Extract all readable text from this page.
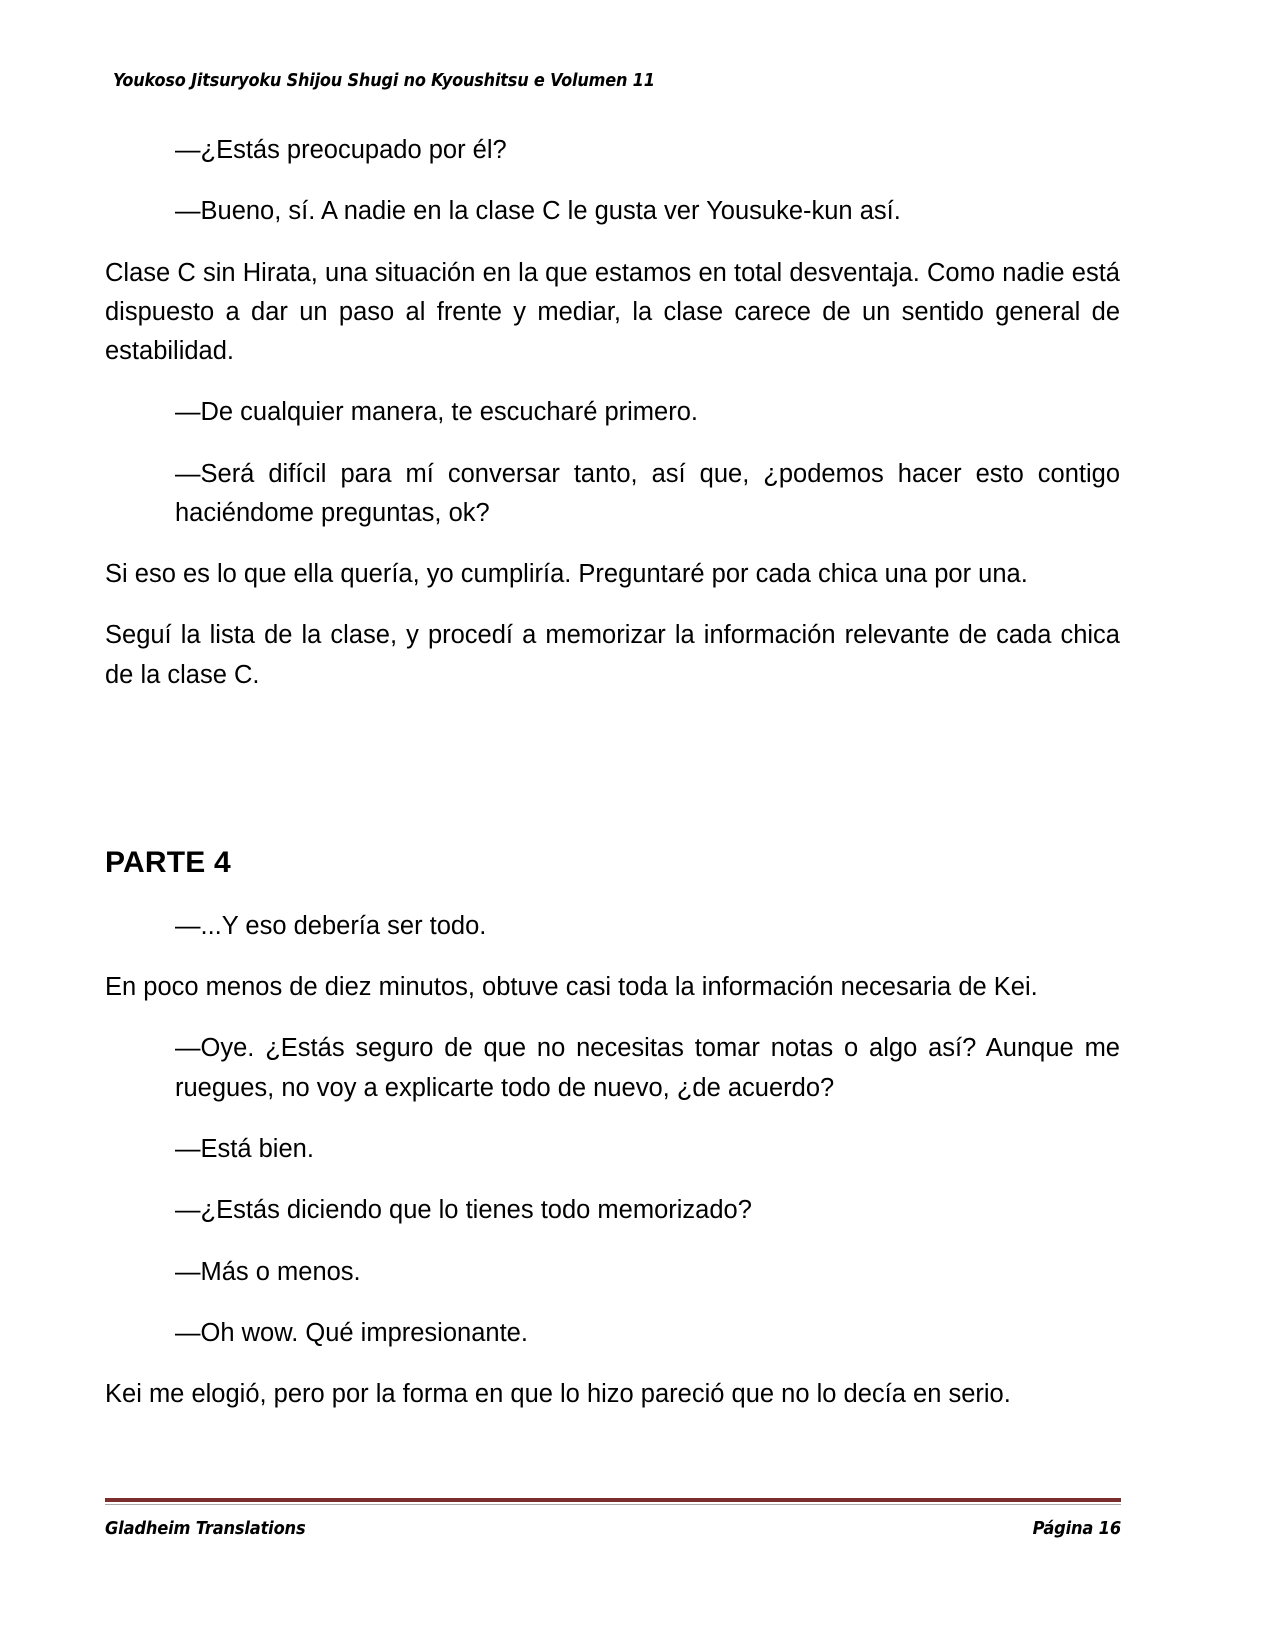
Youkoso Jitsuryoku Shijou Shugi no Kyoushitsu e Volumen 11

—¿Estás preocupado por él?

—Bueno, sí. A nadie en la clase C le gusta ver Yousuke-kun así.

Clase C sin Hirata, una situación en la que estamos en total desventaja. Como nadie está dispuesto a dar un paso al frente y mediar, la clase carece de un sentido general de estabilidad.

—De cualquier manera, te escucharé primero.

—Será difícil para mí conversar tanto, así que, ¿podemos hacer esto contigo haciéndome preguntas, ok?

Si eso es lo que ella quería, yo cumpliría. Preguntaré por cada chica una por una.

Seguí la lista de la clase, y procedí a memorizar la información relevante de cada chica de la clase C.

PARTE 4

—...Y eso debería ser todo.

En poco menos de diez minutos, obtuve casi toda la información necesaria de Kei.

—Oye. ¿Estás seguro de que no necesitas tomar notas o algo así? Aunque me ruegues, no voy a explicarte todo de nuevo, ¿de acuerdo?

—Está bien.

—¿Estás diciendo que lo tienes todo memorizado?

—Más o menos.

—Oh wow. Qué impresionante.

Kei me elogió, pero por la forma en que lo hizo pareció que no lo decía en serio.

Gladheim Translations	Página 16
